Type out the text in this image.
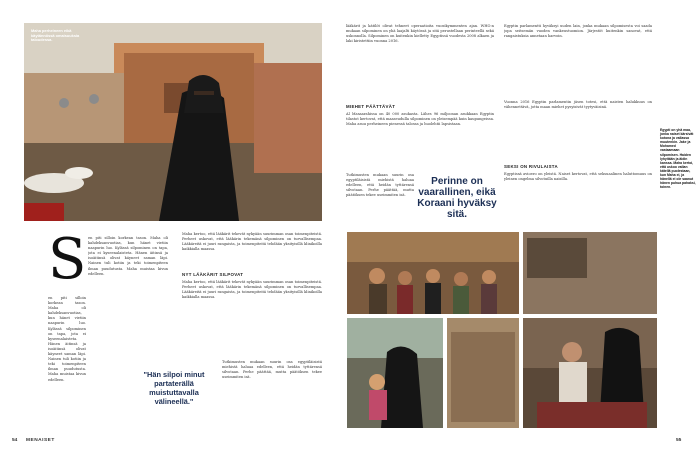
Maha perheineen eikä käytännössä omaisuuksia taloudessa.
lääkärit ja kätilöt olivat tehneet operaatioita vuosikymmenten ajan. WHO:n mukaan silpominen on yhä laajalti käytössä ja sitä perustellaan perinteellä sekä uskonnolla. Silpominen on kuitenkin kielletty Egyptissä vuodesta 2008 alkaen ja laki kiristettiin vuonna 2016.
MIEHET PÄÄTTÄVÄT
Al Masaarahissa on 40 000 asukasta. Lähes 96 miljoonan asukkaan Egyptin tilastot kertovat, että maaseudulla silpominen on yleisempää kuin kaupungeissa. Maha asuu perheineen pienessä talossa ja huolehtii lapsistaan.
Tutkimusten mukaan suurin osa egyptiläisistä miehistä haluaa edelleen, että heidän tyttärensä silvotaan. Perhe päättää, mutta päätöksen tekee useimmiten isä.
Perinne on vaarallinen, eikä Koraani hyväksy sitä.
Egyptin parlamentti hyväksyi uuden lain, jonka mukaan silpomisesta voi saada jopa seitsemän vuoden vankeustuomion. Järjestöt kuitenkin sanovat, että rangaistuksia annetaan harvoin.
Vuonna 2016 Egyptin parlamentin jäsen totesi, että naisten halukkuus on vähennettävä, jotta maan miehet pysyisivät tyytyväisinä.
SEKSI ON RIVULAISTA
Egyptissä avioero on yleistä. Naiset kertovat, että seksuaalinen haluttomuus on yleinen ongelma silvotuilla naisilla.
Egypti on yhä maa, jonka naiset kärsivät kotona ja vallassa muutenkin. Jake ja Mohamed vastaamaan silpomisen. Haiden lyhyitään ja äidin kanssa. Maha kertoi, että uskoo vallan kätellä puolestaan, kun Maha ei, ja hänellä ei ole saanut hänen puhua pahaksi, toinen.
S en piti silloin korkean tason. Maha oli kahdeksanvuotias, kun hänet vietiin naapurin luo. Kylässä silpominen on tapa, jota ei kyseenalaisteta. Hänen äitinsä ja isoäitinsä olivat käyneet saman läpi. Nainen tuli kotiin ja teki toimenpiteen ilman puudutusta. Maha muistaa kivun edelleen.
en piti silloin korkean tason. Maha oli kahdeksanvuotias, kun hänet vietiin naapurin luo. Kylässä silpominen on tapa, jota ei kyseenalaisteta. Hänen äitinsä ja isoäitinsä olivat käyneet saman läpi. Nainen tuli kotiin ja teki toimenpiteen ilman puudutusta. Maha muistaa kivun edelleen.
Maha kertoo, että lääkärit tekevät nykyään suurimman osan toimenpiteistä. Perheet uskovat, että lääkärin tekemänä silpominen on turvallisempaa. Lääkäreitä ei juuri rangaista, ja toimenpiteitä tehdään yksityisillä klinikoilla kaikkialla maassa.
NYT LÄÄKÄRIT SILPOVAT
Maha kertoo, että lääkärit tekevät nykyään suurimman osan toimenpiteistä. Perheet uskovat, että lääkärin tekemänä silpominen on turvallisempaa. Lääkäreitä ei juuri rangaista, ja toimenpiteitä tehdään yksityisillä klinikoilla kaikkialla maassa.
"Hän silpoi minut partaterällä muistuttavalla välineellä."
Tutkimusten mukaan suurin osa egyptiläisistä miehistä haluaa edelleen, että heidän tyttärensä silvotaan. Perhe päättää, mutta päätöksen tekee useimmiten isä.
54 MENAISET	55
